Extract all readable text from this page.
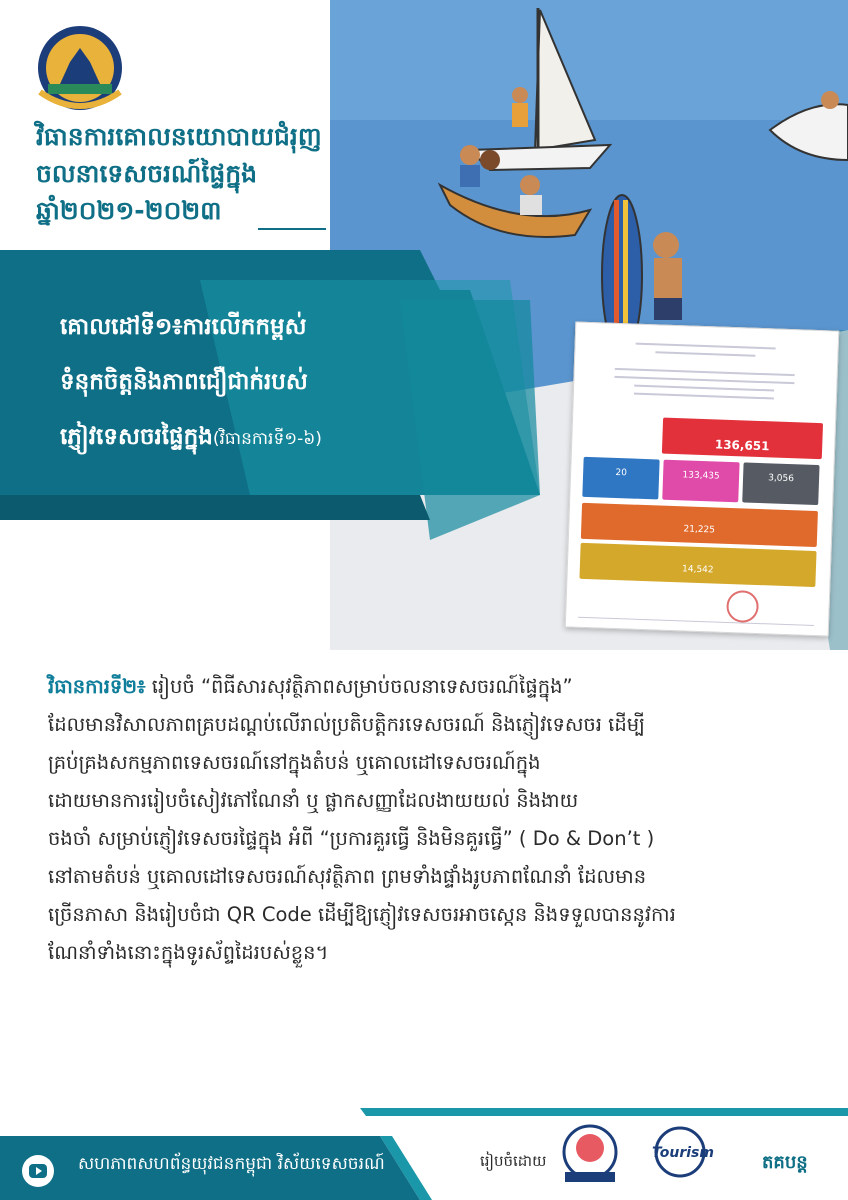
វិធានការគោលនយោបាយជំរុញ
ចលនាទេសចរណ៍ផ្ទៃក្នុង
ឆ្នាំ២០២១-២០២៣
គោលដៅទី១៖ការលើកកម្ពស់
ទំនុកចិត្តនិងភាពជឿជាក់របស់
ភ្ញៀវទេសចរផ្ទៃក្នុង(វិធានការទី១-៦)	136,651
20	133,435	3,056
21,225
14,542
វិធានការទី២៖ រៀបចំ “ពិធីសារសុវត្ថិភាពសម្រាប់ចលនាទេសចរណ៍ផ្ទៃក្នុង”
ដែលមានវិសាលភាពគ្របដណ្តប់លើរាល់ប្រតិបត្តិករទេសចរណ៍ និងភ្ញៀវទេសចរ ដើម្បី
គ្រប់គ្រងសកម្មភាពទេសចរណ៍នៅក្នុងតំបន់ ឬគោលដៅទេសចរណ៍ក្នុង
ដោយមានការរៀបចំសៀវភៅណែនាំ ឬ ផ្លាកសញ្ញាដែលងាយយល់ និងងាយ
ចងចាំ សម្រាប់ភ្ញៀវទេសចរផ្ទៃក្នុង អំពី “ប្រការគួរធ្វើ និងមិនគួរធ្វើ” ( Do & Don’t )
នៅតាមតំបន់ ឬគោលដៅទេសចរណ៍សុវត្ថិភាព ព្រមទាំងផ្ទាំងរូបភាពណែនាំ ដែលមាន
ច្រើនភាសា និងរៀបចំជា QR Code ដើម្បីឱ្យភ្ញៀវទេសចរអាចស្កេន និងទទួលបាននូវការ
ណែនាំទាំងនោះក្នុងទូរស័ព្ទដៃរបស់ខ្លួន។
Tourism
សហភាពសហព័ន្ធយុវជនកម្ពុជា វិស័យទេសចរណ៍	រៀបចំដោយ	តគបន្ត
